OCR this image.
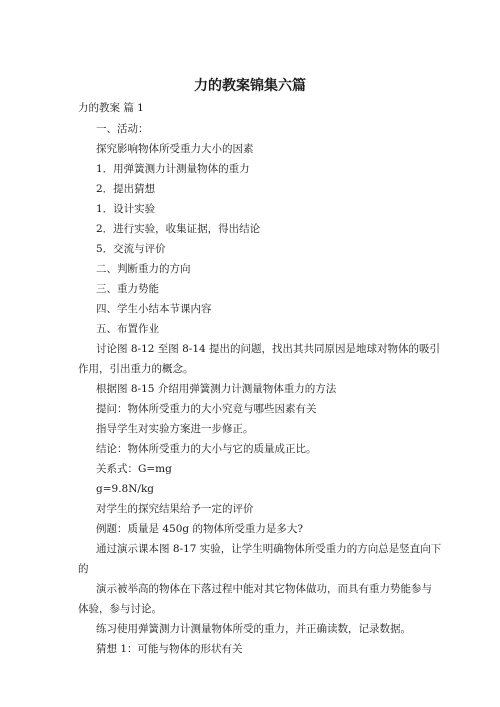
力的教案锦集六篇
力的教案 篇 1
一、活动：
探究影响物体所受重力大小的因素
1．用弹簧测力计测量物体的重力
2．提出猜想
1．设计实验
2．进行实验，收集证据，得出结论
5．交流与评价
二、判断重力的方向
三、重力势能
四、学生小结本节课内容
五、布置作业
讨论图 8-12 至图 8-14 提出的问题，找出其共同原因是地球对物体的吸引
作用，引出重力的概念。
根据图 8-15 介绍用弹簧测力计测量物体重力的方法
提问：物体所受重力的大小究竟与哪些因素有关
指导学生对实验方案进一步修正。
结论：物体所受重力的大小与它的质量成正比。
关系式：G=mg
g=9.8N/kg
对学生的探究结果给予一定的评价
例题：质量是 450g 的物体所受重力是多大?
通过演示课本图 8-17 实验，让学生明确物体所受重力的方向总是竖直向下
的
演示被举高的物体在下落过程中能对其它物体做功，而具有重力势能参与
体验，参与讨论。
练习使用弹簧测力计测量物体所受的重力，并正确读数，记录数据。
猜想 1：可能与物体的形状有关
